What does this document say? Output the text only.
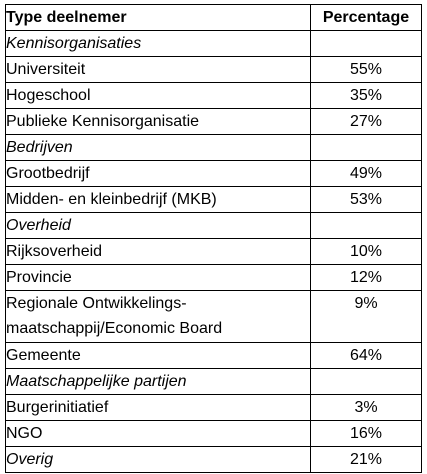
Type deelnemer	Percentage
Kennisorganisaties	
Universiteit	55%
Hogeschool	35%
Publieke Kennisorganisatie	27%
Bedrijven	
Grootbedrijf	49%
Midden- en kleinbedrijf (MKB)	53%
Overheid	
Rijksoverheid	10%
Provincie	12%

Regionale Ontwikkelings-
maatschappij/Economic Board	9%
Gemeente	64%
Maatschappelijke partijen	
Burgerinitiatief	3%
NGO	16%
Overig	21%
